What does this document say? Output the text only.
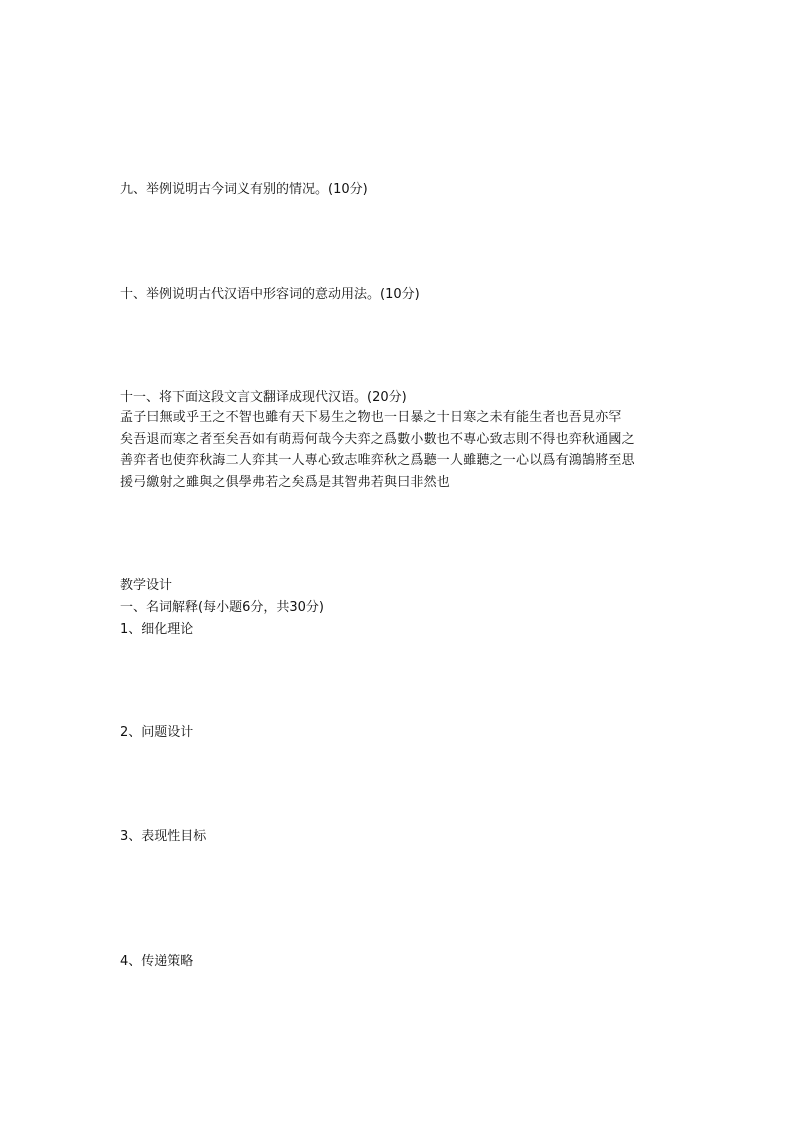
九、举例说明古今词义有别的情况。(10分)
十、举例说明古代汉语中形容词的意动用法。(10分)
十一、将下面这段文言文翻译成现代汉语。(20分)
孟子曰無或乎王之不智也雖有天下易生之物也一日暴之十日寒之未有能生者也吾見亦罕
矣吾退而寒之者至矣吾如有萌焉何哉今夫弈之爲數小數也不專心致志則不得也弈秋通國之
善弈者也使弈秋誨二人弈其一人專心致志唯弈秋之爲聽一人雖聽之一心以爲有鴻鵠將至思
援弓繳射之雖與之俱學弗若之矣爲是其智弗若與曰非然也
教学设计
一、名词解释(每小题6分，共30分)
1、细化理论
2、问题设计
3、表现性目标
4、传递策略
